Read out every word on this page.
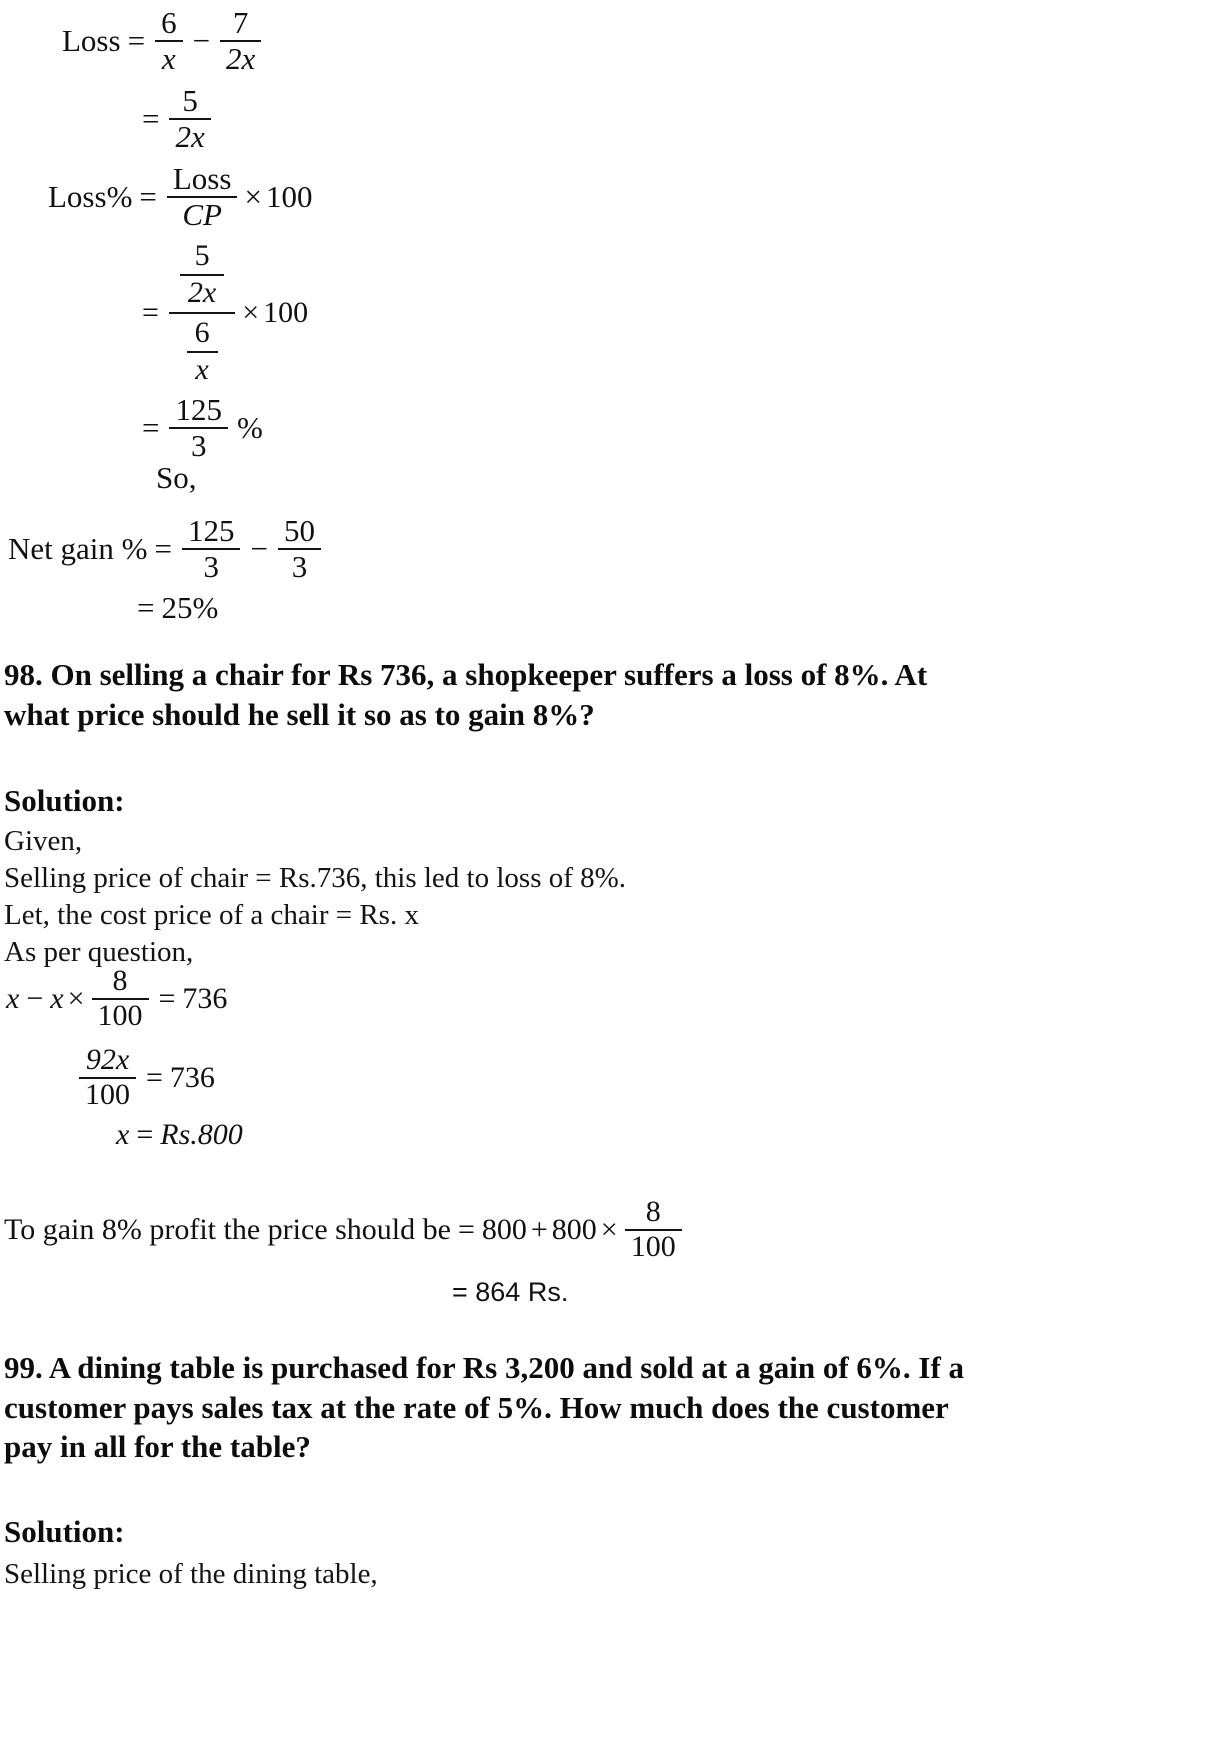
Loss = $\frac{6}{x} - \frac{7}{2x}$
= $\frac{5}{2x}$
Loss% = $\frac{\text{Loss}}{CP} \times 100$
= $\frac{\frac{5}{2x}}{\frac{6}{x}} \times 100$
= $\frac{125}{3}$ %
So,
Net gain % = $\frac{125}{3} - \frac{50}{3}$
= 25%
98. On selling a chair for Rs 736, a shopkeeper suffers a loss of 8%. At
what price should he sell it so as to gain 8%?
Solution:
Given,
Selling price of chair = Rs.736, this led to loss of 8%.
Let, the cost price of a chair = Rs. x
As per question,
$x - x \times \frac{8}{100} = 736$
$\frac{92x}{100} = 736$
x = Rs.800
To gain 8% profit the price should be = $800 + 800 \times \frac{8}{100}$
= 864 Rs.
99. A dining table is purchased for Rs 3,200 and sold at a gain of 6%. If a
customer pays sales tax at the rate of 5%. How much does the customer
pay in all for the table?
Solution:
Selling price of the dining table,
